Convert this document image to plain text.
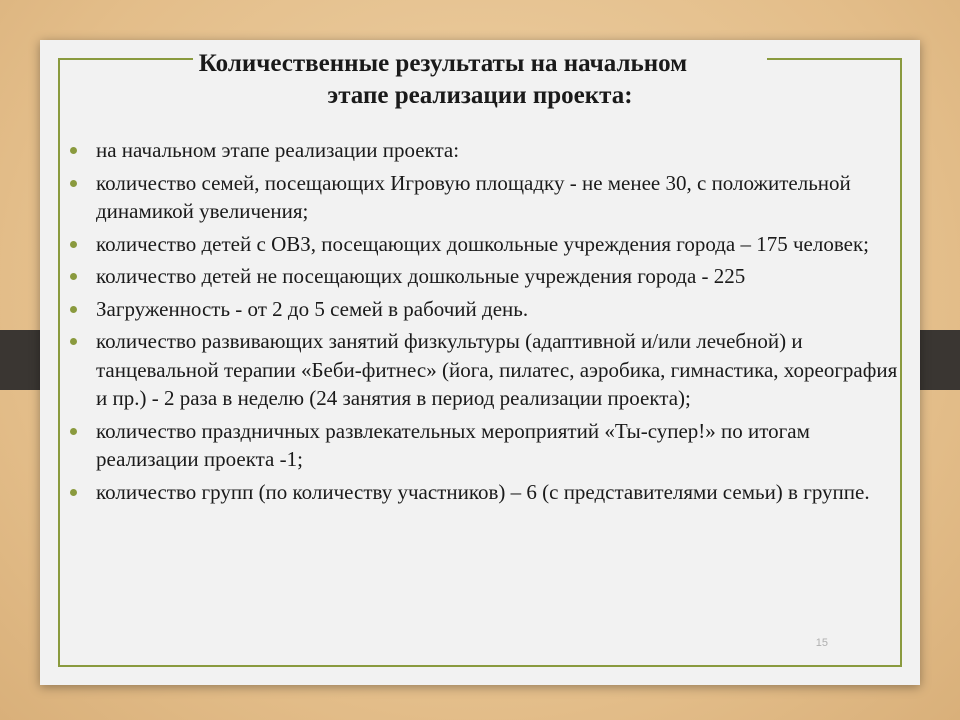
Количественные результаты на начальном
этапе реализации проекта:
на начальном этапе реализации проекта:
количество семей, посещающих Игровую площадку - не менее 30, с положительной динамикой увеличения;
количество детей с ОВЗ, посещающих дошкольные учреждения города – 175 человек;
количество детей не посещающих дошкольные учреждения города - 225
Загруженность - от 2 до 5 семей в рабочий день.
количество развивающих занятий физкультуры (адаптивной и/или лечебной) и танцевальной терапии «Беби-фитнес» (йога, пилатес, аэробика, гимнастика, хореография и пр.) - 2 раза в неделю (24 занятия в период реализации проекта);
количество праздничных развлекательных мероприятий «Ты-супер!» по итогам реализации проекта -1;
количество групп (по количеству участников) – 6 (с представителями семьи) в группе.
15
